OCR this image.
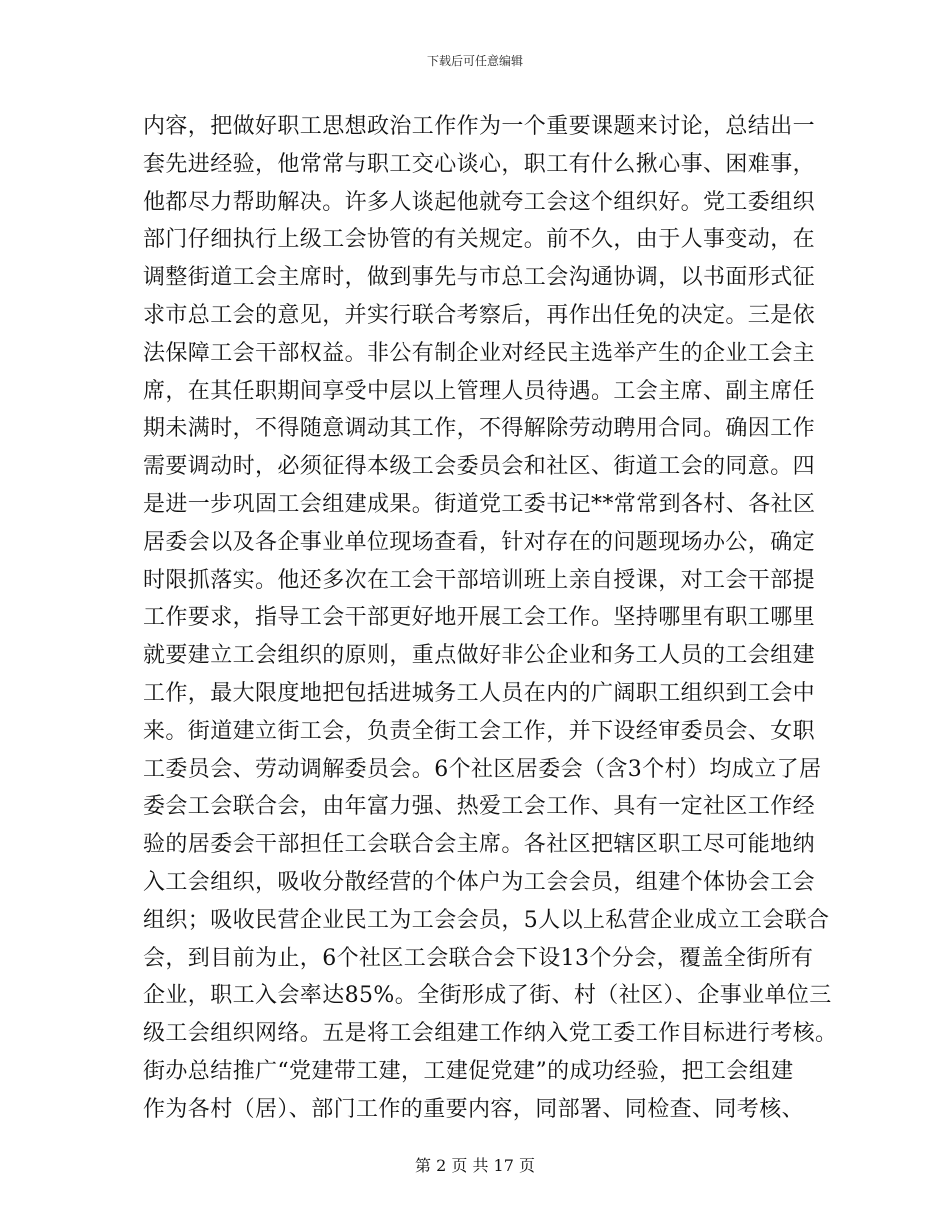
下载后可任意编辑
内容，把做好职工思想政治工作作为一个重要课题来讨论，总结出一
套先进经验，他常常与职工交心谈心，职工有什么揪心事、困难事，
他都尽力帮助解决。许多人谈起他就夸工会这个组织好。党工委组织
部门仔细执行上级工会协管的有关规定。前不久，由于人事变动，在
调整街道工会主席时，做到事先与市总工会沟通协调，以书面形式征
求市总工会的意见，并实行联合考察后，再作出任免的决定。三是依
法保障工会干部权益。非公有制企业对经民主选举产生的企业工会主
席，在其任职期间享受中层以上管理人员待遇。工会主席、副主席任
期未满时，不得随意调动其工作，不得解除劳动聘用合同。确因工作
需要调动时，必须征得本级工会委员会和社区、街道工会的同意。四
是进一步巩固工会组建成果。街道党工委书记**常常到各村、各社区
居委会以及各企事业单位现场查看，针对存在的问题现场办公，确定
时限抓落实。他还多次在工会干部培训班上亲自授课，对工会干部提
工作要求，指导工会干部更好地开展工会工作。坚持哪里有职工哪里
就要建立工会组织的原则，重点做好非公企业和务工人员的工会组建
工作，最大限度地把包括进城务工人员在内的广阔职工组织到工会中
来。街道建立街工会，负责全街工会工作，并下设经审委员会、女职
工委员会、劳动调解委员会。6个社区居委会（含3个村）均成立了居
委会工会联合会，由年富力强、热爱工会工作、具有一定社区工作经
验的居委会干部担任工会联合会主席。各社区把辖区职工尽可能地纳
入工会组织，吸收分散经营的个体户为工会会员，组建个体协会工会
组织；吸收民营企业民工为工会会员，5人以上私营企业成立工会联合
会，到目前为止，6个社区工会联合会下设13个分会，覆盖全街所有
企业，职工入会率达85%。全街形成了街、村（社区）、企事业单位三
级工会组织网络。五是将工会组建工作纳入党工委工作目标进行考核。
街办总结推广“党建带工建，工建促党建”的成功经验，把工会组建
作为各村（居）、部门工作的重要内容，同部署、同检查、同考核、
第 2 页 共 17 页
